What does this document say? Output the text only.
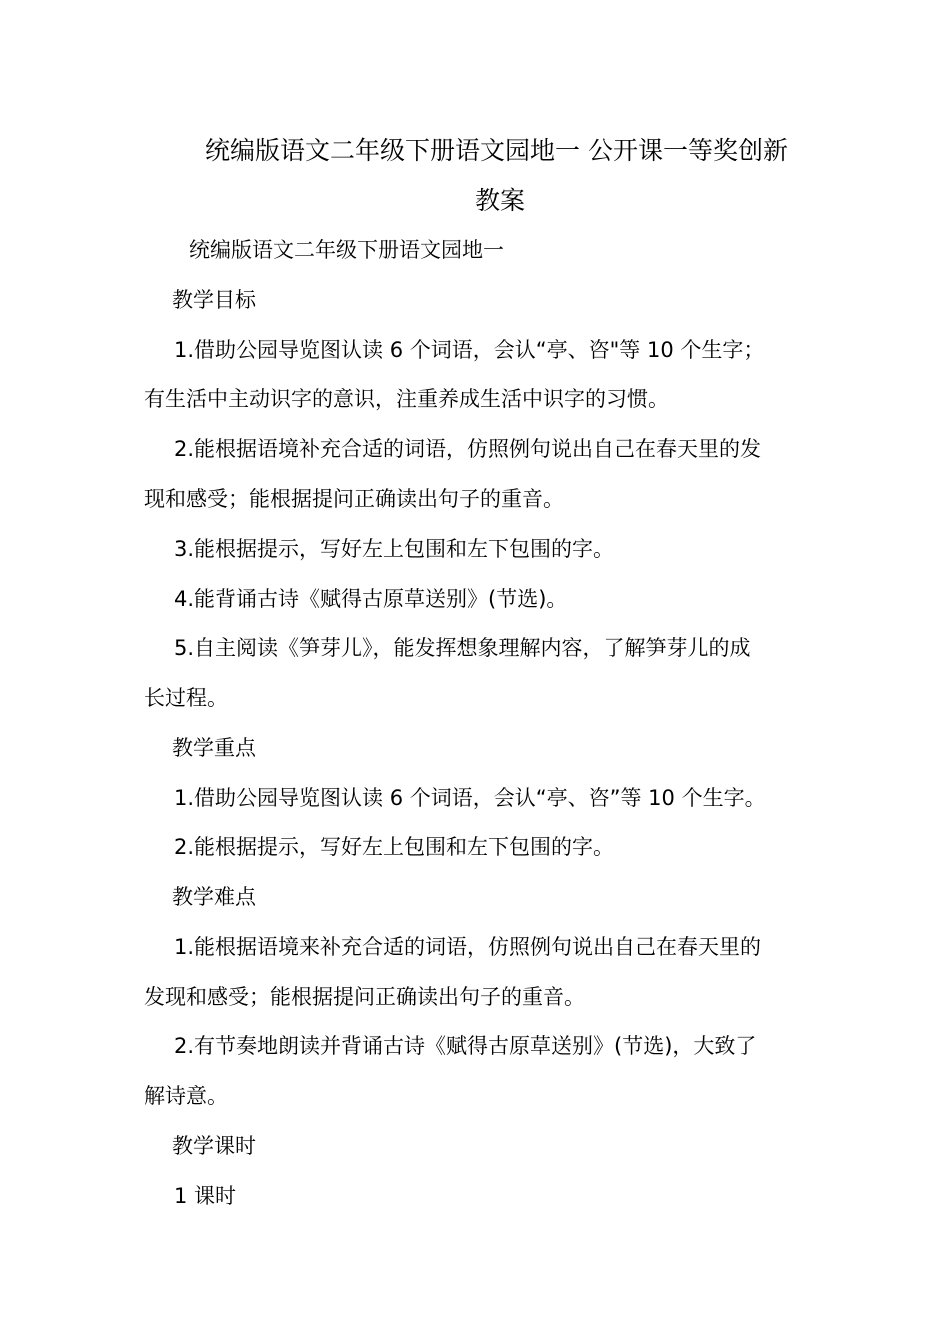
统编版语文二年级下册语文园地一 公开课一等奖创新
教案

统编版语文二年级下册语文园地一

教学目标

1.借助公园导览图认读 6 个词语，会认“亭、咨"等 10 个生字；

有生活中主动识字的意识，注重养成生活中识字的习惯。

2.能根据语境补充合适的词语，仿照例句说出自己在春天里的发

现和感受；能根据提问正确读出句子的重音。

3.能根据提示，写好左上包围和左下包围的字。

4.能背诵古诗《赋得古原草送别》(节选)。

5.自主阅读《笋芽儿》，能发挥想象理解内容，了解笋芽儿的成

长过程。

教学重点

1.借助公园导览图认读 6 个词语，会认“亭、咨”等 10 个生字。

2.能根据提示，写好左上包围和左下包围的字。

教学难点

1.能根据语境来补充合适的词语，仿照例句说出自己在春天里的

发现和感受；能根据提问正确读出句子的重音。

2.有节奏地朗读并背诵古诗《赋得古原草送别》(节选)，大致了

解诗意。

教学课时

1 课时
